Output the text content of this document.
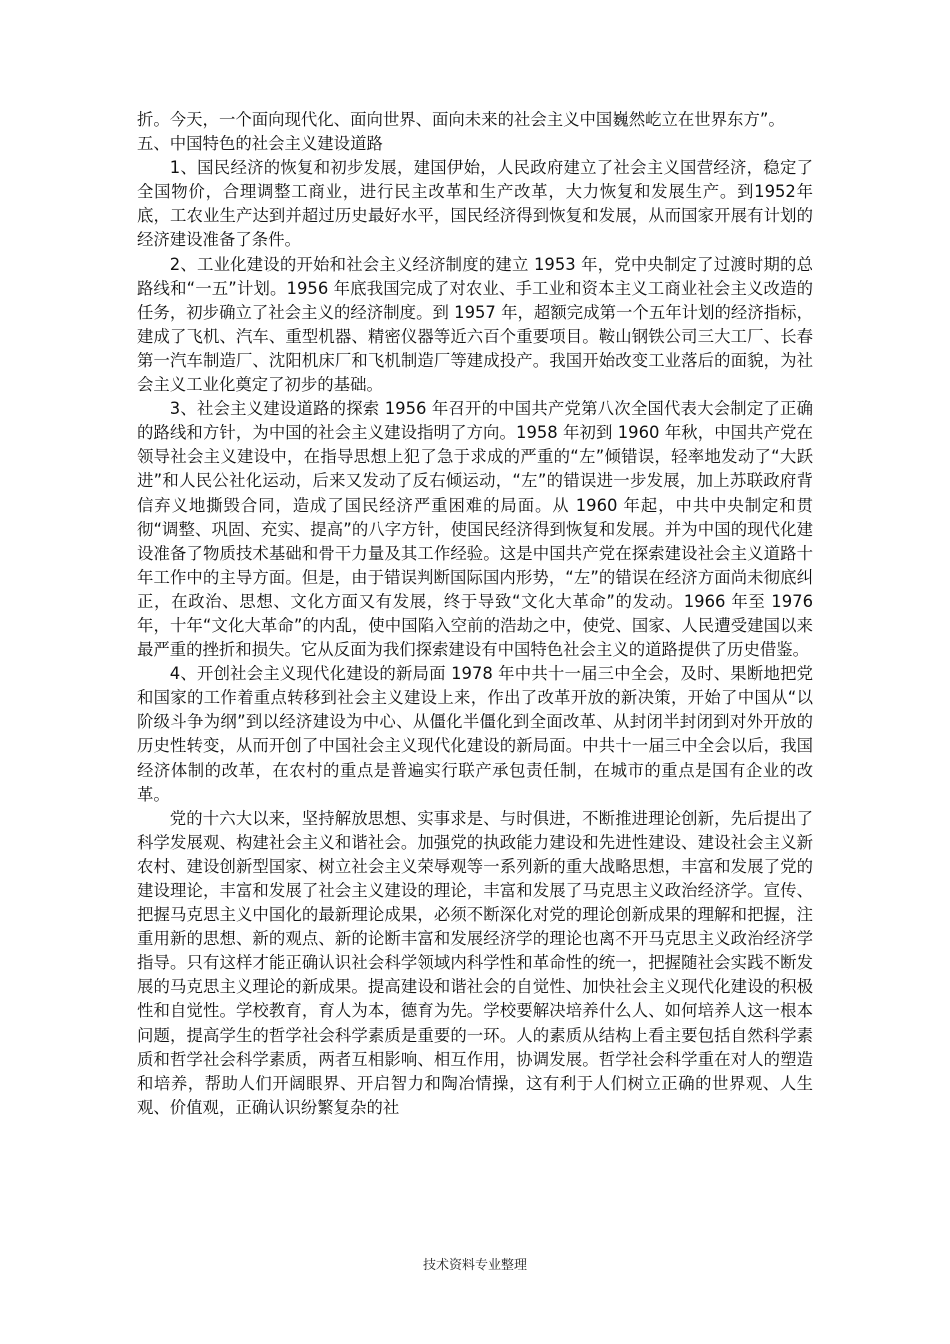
折。今天，一个面向现代化、面向世界、面向未来的社会主义中国巍然屹立在世界东方”。

五、中国特色的社会主义建设道路

1、国民经济的恢复和初步发展，建国伊始，人民政府建立了社会主义国营经济，稳定了全国物价，合理调整工商业，进行民主改革和生产改革，大力恢复和发展生产。到1952年底，工农业生产达到并超过历史最好水平，国民经济得到恢复和发展，从而国家开展有计划的经济建设准备了条件。

2、工业化建设的开始和社会主义经济制度的建立 1953 年，党中央制定了过渡时期的总路线和“一五”计划。1956 年底我国完成了对农业、手工业和资本主义工商业社会主义改造的任务，初步确立了社会主义的经济制度。到 1957 年，超额完成第一个五年计划的经济指标，建成了飞机、汽车、重型机器、精密仪器等近六百个重要项目。鞍山钢铁公司三大工厂、长春第一汽车制造厂、沈阳机床厂和飞机制造厂等建成投产。我国开始改变工业落后的面貌，为社会主义工业化奠定了初步的基础。

3、社会主义建设道路的探索 1956 年召开的中国共产党第八次全国代表大会制定了正确的路线和方针，为中国的社会主义建设指明了方向。1958 年初到 1960 年秋，中国共产党在领导社会主义建设中，在指导思想上犯了急于求成的严重的“左”倾错误，轻率地发动了“大跃进”和人民公社化运动，后来又发动了反右倾运动，“左”的错误进一步发展，加上苏联政府背信弃义地撕毁合同，造成了国民经济严重困难的局面。从 1960 年起，中共中央制定和贯彻“调整、巩固、充实、提高”的八字方针，使国民经济得到恢复和发展。并为中国的现代化建设准备了物质技术基础和骨干力量及其工作经验。这是中国共产党在探索建设社会主义道路十年工作中的主导方面。但是，由于错误判断国际国内形势，“左”的错误在经济方面尚未彻底纠正，在政治、思想、文化方面又有发展，终于导致“文化大革命”的发动。1966 年至 1976 年，十年“文化大革命”的内乱，使中国陷入空前的浩劫之中，使党、国家、人民遭受建国以来最严重的挫折和损失。它从反面为我们探索建设有中国特色社会主义的道路提供了历史借鉴。

4、开创社会主义现代化建设的新局面 1978 年中共十一届三中全会，及时、果断地把党和国家的工作着重点转移到社会主义建设上来，作出了改革开放的新决策，开始了中国从“以阶级斗争为纲”到以经济建设为中心、从僵化半僵化到全面改革、从封闭半封闭到对外开放的历史性转变，从而开创了中国社会主义现代化建设的新局面。中共十一届三中全会以后，我国经济体制的改革，在农村的重点是普遍实行联产承包责任制，在城市的重点是国有企业的改革。

党的十六大以来，坚持解放思想、实事求是、与时俱进，不断推进理论创新，先后提出了科学发展观、构建社会主义和谐社会。加强党的执政能力建设和先进性建设、建设社会主义新农村、建设创新型国家、树立社会主义荣辱观等一系列新的重大战略思想，丰富和发展了党的建设理论，丰富和发展了社会主义建设的理论，丰富和发展了马克思主义政治经济学。宣传、把握马克思主义中国化的最新理论成果，必须不断深化对党的理论创新成果的理解和把握，注重用新的思想、新的观点、新的论断丰富和发展经济学的理论也离不开马克思主义政治经济学指导。只有这样才能正确认识社会科学领域内科学性和革命性的统一，把握随社会实践不断发展的马克思主义理论的新成果。提高建设和谐社会的自觉性、加快社会主义现代化建设的积极性和自觉性。学校教育，育人为本，德育为先。学校要解决培养什么人、如何培养人这一根本问题，提高学生的哲学社会科学素质是重要的一环。人的素质从结构上看主要包括自然科学素质和哲学社会科学素质，两者互相影响、相互作用，协调发展。哲学社会科学重在对人的塑造和培养，帮助人们开阔眼界、开启智力和陶冶情操，这有利于人们树立正确的世界观、人生观、价值观，正确认识纷繁复杂的社

技术资料专业整理
